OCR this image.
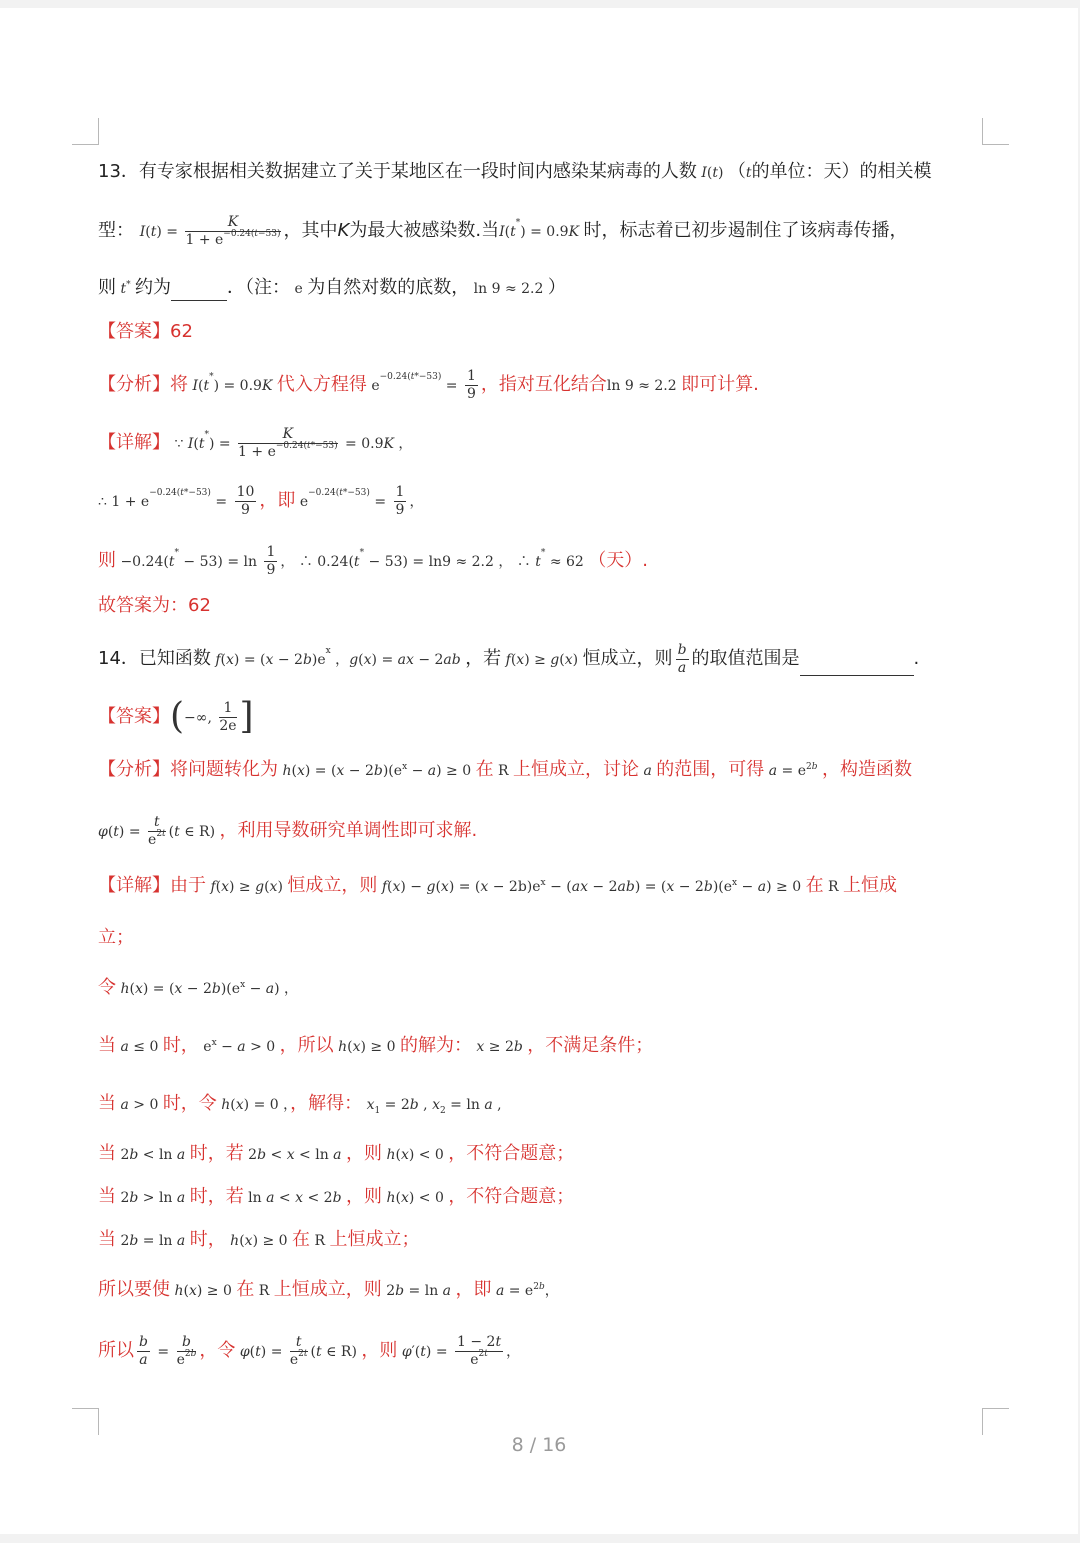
13．有专家根据相关数据建立了关于某地区在一段时间内感染某病毒的人数 I(t) （t的单位：天）的相关模
型： $I(t) = \frac{K}{1 + e^{-0.24(t-53)}}$ ，其中K为最大被感染数.当I(t*) = 0.9K 时，标志着已初步遏制住了该病毒传播，
则 t* 约为	．（注： e 为自然对数的底数， ln 9 ≈ 2.2 ）
【答案】62
【分析】将 I(t*) = 0.9K 代入方程得 $e^{-0.24(t*-53)} = \frac{1}{9}$ ，指对互化结合ln 9 ≈ 2.2 即可计算.
【详解】 ∵ $I(t^*) = \frac{K}{1 + e^{-0.24(t*-53)}} = 0.9K$ ，
∴ $1 + e^{-0.24(t*-53)} = \frac{10}{9}$ ，即 $e^{-0.24(t*-53)} = \frac{1}{9}$ ，
则 $-0.24(t^* - 53) = \ln \frac{1}{9}$ ， ∴ 0.24(t* − 53) = ln9 ≈ 2.2 ， ∴ t* ≈ 62 （天）.
故答案为：62
14．已知函数 $f(x) = (x - 2b)e^x$ ，g(x) = ax − 2ab ，若 f(x) ≥ g(x) 恒成立，则 $\frac{b}{a}$ 的取值范围是	.
【答案】(−∞, $\frac{1}{2e}$ ]
【分析】将问题转化为 $h(x) = (x - 2b)(e^x - a) \ge 0$ 在 R 上恒成立，讨论 a 的范围，可得 $a = e^{2b}$ ，构造函数
$\varphi(t) = \frac{t}{e^{2t}} (t$ ∈ R) ，利用导数研究单调性即可求解.
【详解】由于 f(x) ≥ g(x) 恒成立，则 $f(x) - g(x) = (x - 2b)e^x - (ax - 2ab) = (x - 2b)(e^x - a) \ge 0$ 在 R 上恒成
立；
令 $h(x) = (x - 2b)(e^x - a)$ ，
当 a ≤ 0 时， $e^x - a > 0$ ，所以 h(x) ≥ 0 的解为： x ≥ 2b ，不满足条件；
当 a > 0 时，令 h(x) = 0 ，，解得： $x_1 = 2b$ , $x_2 = \ln a$ ,
当 2b < ln a 时，若 2b < x < ln a ，则 h(x) < 0 ，不符合题意；
当 2b > ln a 时，若 ln a < x < 2b ，则 h(x) < 0 ，不符合题意；
当 2b = ln a 时， h(x) ≥ 0 在 R 上恒成立；
所以要使 h(x) ≥ 0 在 R 上恒成立，则 2b = ln a ，即 $a = e^{2b}$，
所以 $\frac{b}{a} = \frac{b}{e^{2b}}$ ，令 $\varphi(t) = \frac{t}{e^{2t}} (t$ ∈ R) ，则 $\varphi'(t) = \frac{1 - 2t}{e^{2t}}$ ，
8 / 16
